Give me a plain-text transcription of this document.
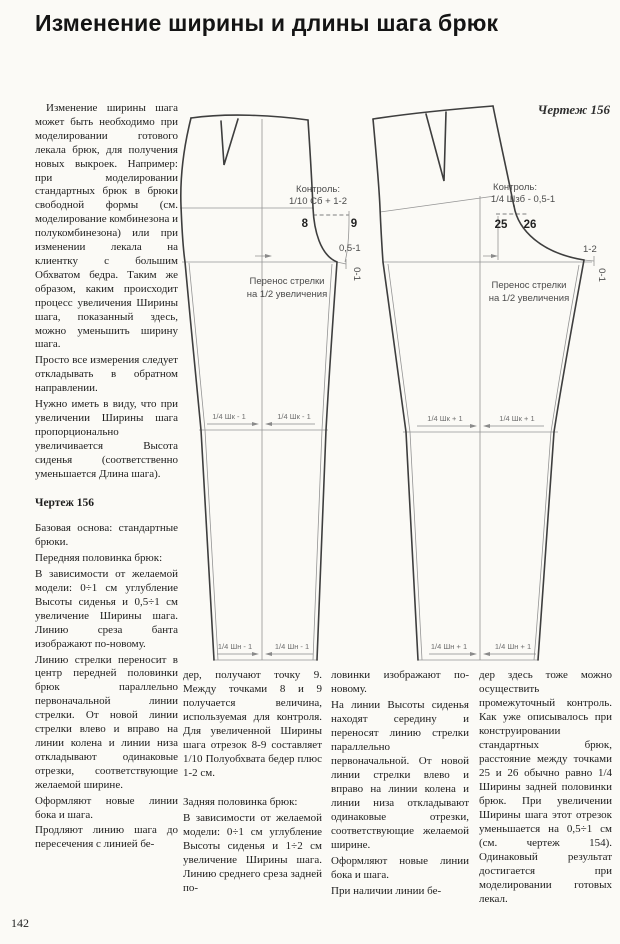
Изменение ширины и длины шага брюк

Изменение ширины шага может быть необходимо при моделировании готового лекала брюк, для получения новых выкроек. Например: при моделировании стандартных брюк в брюки свободной формы (см. моделирование комбинезона и полукомбинезона) или при изменении лекала на клиентку с большим Обхватом бедра. Таким же образом, каким происходит процесс увеличения Ширины шага, показанный здесь, можно уменьшить ширину шага.

Просто все измерения следует откладывать в обратном направлении.

Нужно иметь в виду, что при увеличении Ширины шага пропорционально увеличивается Высота сиденья (соответственно уменьшается Длина шага).

Чертеж 156

Базовая основа: стандартные брюки.

Передняя половинка брюк:

В зависимости от желаемой модели: 0÷1 см углубление Высоты сиденья и 0,5÷1 см увеличение Ширины шага. Линию среза банта изображают по-новому.

Линию стрелки переносит в центр передней половинки брюк параллельно первоначальной линии стрелки. От новой линии стрелки влево и вправо на линии колена и линии низа откладывают одинаковые отрезки, соответствующие желаемой ширине.

Оформляют новые линии бока и шага.

Продляют линию шага до пересечения с линией бе-

Контроль:
1/10 Сб + 1-2
8	9
0,5-1
0-1
Перенос стрелки
на 1/2 увеличения
1/4 Шк - 1	1/4 Шк - 1
1/4 Шн - 1	1/4 Шн - 1
Контроль:
1/4 Шзб - 0,5-1
25 26
1-2
0-1
Перенос стрелки
на 1/2 увеличения
1/4 Шк + 1	1/4 Шк + 1
1/4 Шн + 1	1/4 Шн + 1
Чертеж 156

дер, получают точку 9. Между точками 8 и 9 получается величина, используемая для контроля. Для увеличенной Ширины шага отрезок 8-9 составляет 1/10 Полуобхвата бедер плюс 1-2 см.

Задняя половинка брюк:

В зависимости от желаемой модели: 0÷1 см углубление Высоты сиденья и 1÷2 см увеличение Ширины шага. Линию среднего среза задней по-

ловинки изображают по-новому.

На линии Высоты сиденья находят середину и переносят линию стрелки параллельно первоначальной. От новой линии стрелки влево и вправо на линии колена и линии низа откладывают одинаковые отрезки, соответствующие желаемой ширине.

Оформляют новые линии бока и шага.

При наличии линии бе-

дер здесь тоже можно осуществить промежуточный контроль. Как уже описывалось при конструировании стандартных брюк, расстояние между точками 25 и 26 обычно равно 1/4 Ширины задней половинки брюк. При увеличении Ширины шага этот отрезок уменьшается на 0,5÷1 см (см. чертеж 154). Одинаковый результат достигается при моделировании готовых лекал.

142
